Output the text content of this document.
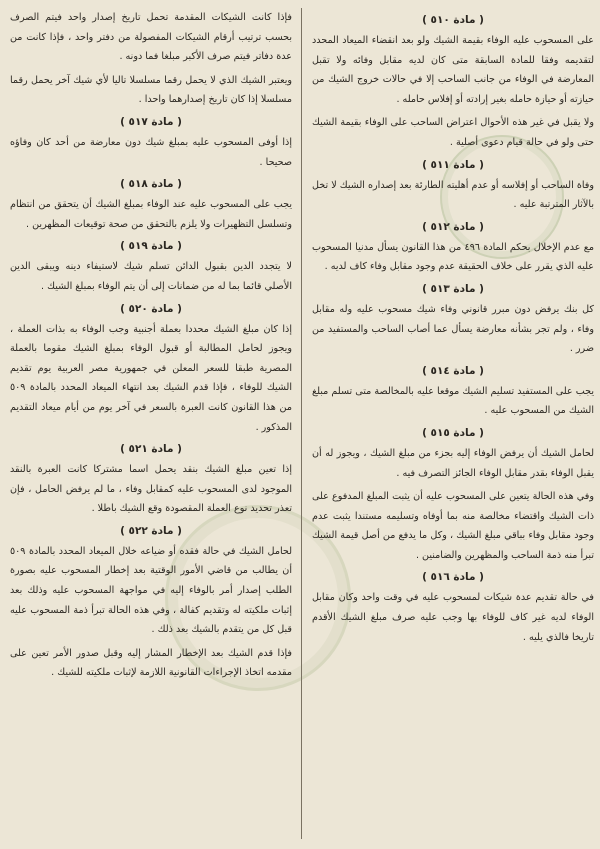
( مادة ٥١٠ )

على المسحوب عليه الوفاء بقيمة الشيك ولو بعد انقضاء الميعاد المحدد لتقديمه وفقا للمادة السابقة متى كان لديه مقابل وفائه ولا تقبل المعارضة في الوفاء من جانب الساحب إلا في حالات خروج الشيك من حيازته أو حيازة حامله بغير إرادته أو إفلاس حامله .

ولا يقبل في غير هذه الأحوال اعتراض الساحب على الوفاء بقيمة الشيك حتى ولو في حالة قيام دعوى أصلية .

( مادة ٥١١ )

وفاة الساحب أو إفلاسه أو عدم أهليته الطارئة بعد إصداره الشيك لا تخل بالآثار المترتبة عليه .

( مادة ٥١٢ )

مع عدم الإخلال بحكم المادة ٤٩٦ من هذا القانون يسأل مدنيا المسحوب عليه الذي يقرر على خلاف الحقيقة عدم وجود مقابل وفاء كاف لديه .

( مادة ٥١٣ )

كل بنك يرفض دون مبرر قانوني وفاء شيك مسحوب عليه وله مقابل وفاء ، ولم تجر بشأنه معارضة يسأل عما أصاب الساحب والمستفيد من ضرر .

( مادة ٥١٤ )

يجب على المستفيد تسليم الشيك موقعا عليه بالمخالصة متى تسلم مبلغ الشيك من المسحوب عليه .

( مادة ٥١٥ )

لحامل الشيك أن يرفض الوفاء إليه بجزء من مبلغ الشيك ، ويجوز له أن يقبل الوفاء بقدر مقابل الوفاء الجائز التصرف فيه .

وفي هذه الحالة يتعين على المسحوب عليه أن يثبت المبلغ المدفوع على ذات الشيك واقتضاء مخالصة منه بما أوفاه وتسليمه مستندا يثبت عدم وجود مقابل وفاء بباقي مبلغ الشيك ، وكل ما يدفع من أصل قيمة الشيك تبرأ منه ذمة الساحب والمظهرين والضامنين .

( مادة ٥١٦ )

في حالة تقديم عدة شيكات لمسحوب عليه في وقت واحد وكان مقابل الوفاء لديه غير كاف للوفاء بها وجب عليه صرف مبلغ الشيك الأقدم تاريخا فالذي يليه .

فإذا كانت الشيكات المقدمة تحمل تاريخ إصدار واحد فيتم الصرف بحسب ترتيب أرقام الشيكات المفصولة من دفتر واحد ، فإذا كانت من عدة دفاتر فيتم صرف الأكبر مبلغا فما دونه .

ويعتبر الشيك الذي لا يحمل رقما مسلسلا تاليا لأي شيك آخر يحمل رقما مسلسلا إذا كان تاريخ إصدارهما واحدا .

( مادة ٥١٧ )

إذا أوفى المسحوب عليه بمبلغ شيك دون معارضة من أحد كان وفاؤه صحيحا .

( مادة ٥١٨ )

يجب على المسحوب عليه عند الوفاء بمبلغ الشيك أن يتحقق من انتظام وتسلسل التظهيرات ولا يلزم بالتحقق من صحة توقيعات المظهرين .

( مادة ٥١٩ )

لا يتجدد الدين بقبول الدائن تسلم شيك لاستيفاء دينه ويبقى الدين الأصلي قائما بما له من ضمانات إلى أن يتم الوفاء بمبلغ الشيك .

( مادة ٥٢٠ )

إذا كان مبلغ الشيك محددا بعملة أجنبية وجب الوفاء به بذات العملة ، ويجوز لحامل المطالبة أو قبول الوفاء بمبلغ الشيك مقوما بالعملة المصرية طبقا للسعر المعلن في جمهورية مصر العربية يوم تقديم الشيك للوفاء ، فإذا قدم الشيك بعد انتهاء الميعاد المحدد بالمادة ٥٠٩ من هذا القانون كانت العبرة بالسعر في آخر يوم من أيام ميعاد التقديم المذكور .

( مادة ٥٢١ )

إذا تعين مبلغ الشيك بنقد يحمل اسما مشتركا كانت العبرة بالنقد الموجود لدى المسحوب عليه كمقابل وفاء ، ما لم يرفض الحامل ، فإن تعذر تحديد نوع العملة المقصودة وقع الشيك باطلا .

( مادة ٥٢٢ )

لحامل الشيك في حالة فقده أو ضياعه خلال الميعاد المحدد بالمادة ٥٠٩ أن يطالب من قاضي الأمور الوقتية بعد إخطار المسحوب عليه بصورة الطلب إصدار أمر بالوفاء إليه في مواجهة المسحوب عليه وذلك بعد إثبات ملكيته له وتقديم كفالة ، وفي هذه الحالة تبرأ ذمة المسحوب عليه قبل كل من يتقدم بالشيك بعد ذلك .

فإذا قدم الشيك بعد الإخطار المشار إليه وقبل صدور الأمر تعين على مقدمه اتخاذ الإجراءات القانونية اللازمة لإثبات ملكيته للشيك .
